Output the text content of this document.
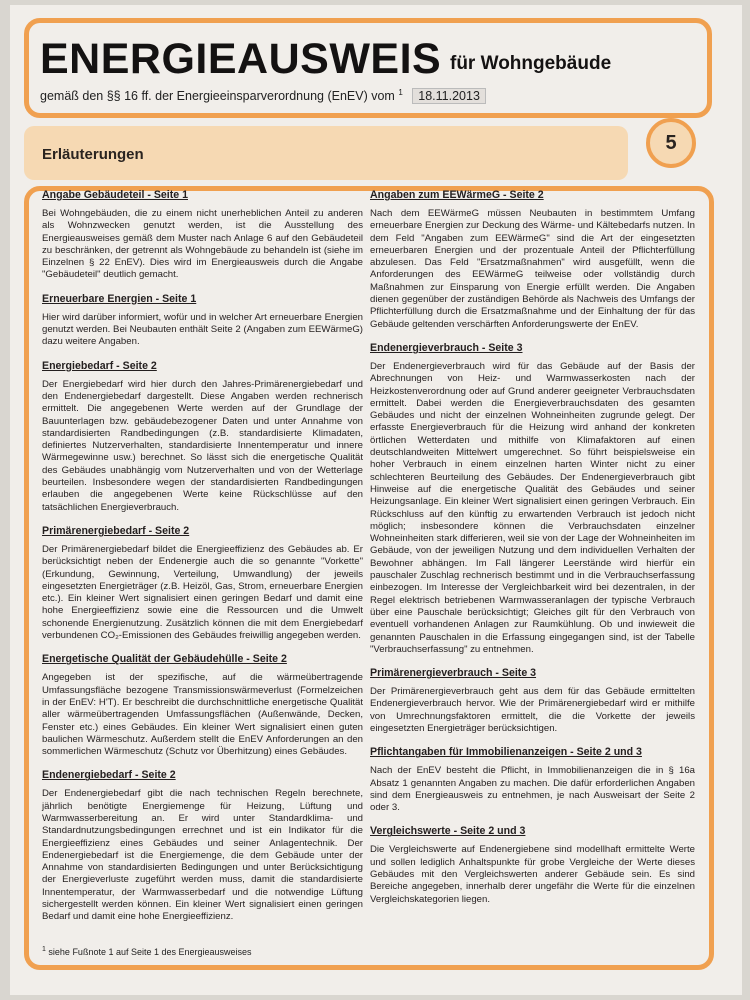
ENERGIEAUSWEIS für Wohngebäude
gemäß den §§ 16 ff. der Energieeinsparverordnung (EnEV) vom $^1$ 18.11.2013
Erläuterungen
5
Angabe Gebäudeteil - Seite 1

Bei Wohngebäuden, die zu einem nicht unerheblichen Anteil zu anderen als Wohnzwecken genutzt werden, ist die Ausstellung des Energieausweises gemäß dem Muster nach Anlage 6 auf den Gebäudeteil zu beschränken, der getrennt als Wohngebäude zu behandeln ist (siehe im Einzelnen § 22 EnEV). Dies wird im Energieausweis durch die Angabe "Gebäudeteil" deutlich gemacht.

Erneuerbare Energien - Seite 1

Hier wird darüber informiert, wofür und in welcher Art erneuerbare Energien genutzt werden. Bei Neubauten enthält Seite 2 (Angaben zum EEWärmeG) dazu weitere Angaben.

Energiebedarf - Seite 2

Der Energiebedarf wird hier durch den Jahres-Primärenergiebedarf und den Endenergiebedarf dargestellt. Diese Angaben werden rechnerisch ermittelt. Die angegebenen Werte werden auf der Grundlage der Bauunterlagen bzw. gebäudebezogener Daten und unter Annahme von standardisierten Randbedingungen (z.B. standardisierte Klimadaten, definiertes Nutzerverhalten, standardisierte Innentemperatur und innere Wärmegewinne usw.) berechnet. So lässt sich die energetische Qualität des Gebäudes unabhängig vom Nutzerverhalten und von der Wetterlage beurteilen. Insbesondere wegen der standardisierten Randbedingungen erlauben die angegebenen Werte keine Rückschlüsse auf den tatsächlichen Energieverbrauch.

Primärenergiebedarf - Seite 2

Der Primärenergiebedarf bildet die Energieeffizienz des Gebäudes ab. Er berücksichtigt neben der Endenergie auch die so genannte "Vorkette" (Erkundung, Gewinnung, Verteilung, Umwandlung) der jeweils eingesetzten Energieträger (z.B. Heizöl, Gas, Strom, erneuerbare Energien etc.). Ein kleiner Wert signalisiert einen geringen Bedarf und damit eine hohe Energieeffizienz sowie eine die Ressourcen und die Umwelt schonende Energienutzung. Zusätzlich können die mit dem Energiebedarf verbundenen CO₂-Emissionen des Gebäudes freiwillig angegeben werden.

Energetische Qualität der Gebäudehülle - Seite 2

Angegeben ist der spezifische, auf die wärmeübertragende Umfassungsfläche bezogene Transmissionswärmeverlust (Formelzeichen in der EnEV: H'T). Er beschreibt die durchschnittliche energetische Qualität aller wärmeübertragenden Umfassungsflächen (Außenwände, Decken, Fenster etc.) eines Gebäudes. Ein kleiner Wert signalisiert einen guten baulichen Wärmeschutz. Außerdem stellt die EnEV Anforderungen an den sommerlichen Wärmeschutz (Schutz vor Überhitzung) eines Gebäudes.

Endenergiebedarf - Seite 2

Der Endenergiebedarf gibt die nach technischen Regeln berechnete, jährlich benötigte Energiemenge für Heizung, Lüftung und Warmwasserbereitung an. Er wird unter Standardklima- und Standardnutzungsbedingungen errechnet und ist ein Indikator für die Energieeffizienz eines Gebäudes und seiner Anlagentechnik. Der Endenergiebedarf ist die Energiemenge, die dem Gebäude unter der Annahme von standardisierten Bedingungen und unter Berücksichtigung der Energieverluste zugeführt werden muss, damit die standardisierte Innentemperatur, der Warmwasserbedarf und die notwendige Lüftung sichergestellt werden können. Ein kleiner Wert signalisiert einen geringen Bedarf und damit eine hohe Energieeffizienz.

Angaben zum EEWärmeG - Seite 2

Nach dem EEWärmeG müssen Neubauten in bestimmtem Umfang erneuerbare Energien zur Deckung des Wärme- und Kältebedarfs nutzen. In dem Feld "Angaben zum EEWärmeG" sind die Art der eingesetzten erneuerbaren Energien und der prozentuale Anteil der Pflichterfüllung abzulesen. Das Feld "Ersatzmaßnahmen" wird ausgefüllt, wenn die Anforderungen des EEWärmeG teilweise oder vollständig durch Maßnahmen zur Einsparung von Energie erfüllt werden. Die Angaben dienen gegenüber der zuständigen Behörde als Nachweis des Umfangs der Pflichterfüllung durch die Ersatzmaßnahme und der Einhaltung der für das Gebäude geltenden verschärften Anforderungswerte der EnEV.

Endenergieverbrauch - Seite 3

Der Endenergieverbrauch wird für das Gebäude auf der Basis der Abrechnungen von Heiz- und Warmwasserkosten nach der Heizkostenverordnung oder auf Grund anderer geeigneter Verbrauchsdaten ermittelt. Dabei werden die Energieverbrauchsdaten des gesamten Gebäudes und nicht der einzelnen Wohneinheiten zugrunde gelegt. Der erfasste Energieverbrauch für die Heizung wird anhand der konkreten örtlichen Wetterdaten und mithilfe von Klimafaktoren auf einen deutschlandweiten Mittelwert umgerechnet. So führt beispielsweise ein hoher Verbrauch in einem einzelnen harten Winter nicht zu einer schlechteren Beurteilung des Gebäudes. Der Endenergieverbrauch gibt Hinweise auf die energetische Qualität des Gebäudes und seiner Heizungsanlage. Ein kleiner Wert signalisiert einen geringen Verbrauch. Ein Rückschluss auf den künftig zu erwartenden Verbrauch ist jedoch nicht möglich; insbesondere können die Verbrauchsdaten einzelner Wohneinheiten stark differieren, weil sie von der Lage der Wohneinheiten im Gebäude, von der jeweiligen Nutzung und dem individuellen Verhalten der Bewohner abhängen. Im Fall längerer Leerstände wird hierfür ein pauschaler Zuschlag rechnerisch bestimmt und in die Verbrauchserfassung einbezogen. Im Interesse der Vergleichbarkeit wird bei dezentralen, in der Regel elektrisch betriebenen Warmwasseranlagen der typische Verbrauch über eine Pauschale berücksichtigt; Gleiches gilt für den Verbrauch von eventuell vorhandenen Anlagen zur Raumkühlung. Ob und inwieweit die genannten Pauschalen in die Erfassung eingegangen sind, ist der Tabelle "Verbrauchserfassung" zu entnehmen.

Primärenergieverbrauch - Seite 3

Der Primärenergieverbrauch geht aus dem für das Gebäude ermittelten Endenergieverbrauch hervor. Wie der Primärenergiebedarf wird er mithilfe von Umrechnungsfaktoren ermittelt, die die Vorkette der jeweils eingesetzten Energieträger berücksichtigen.

Pflichtangaben für Immobilienanzeigen - Seite 2 und 3

Nach der EnEV besteht die Pflicht, in Immobilienanzeigen die in § 16a Absatz 1 genannten Angaben zu machen. Die dafür erforderlichen Angaben sind dem Energieausweis zu entnehmen, je nach Ausweisart der Seite 2 oder 3.

Vergleichswerte - Seite 2 und 3

Die Vergleichswerte auf Endenergiebene sind modellhaft ermittelte Werte und sollen lediglich Anhaltspunkte für grobe Vergleiche der Werte dieses Gebäudes mit den Vergleichswerten anderer Gebäude sein. Es sind Bereiche angegeben, innerhalb derer ungefähr die Werte für die einzelnen Vergleichskategorien liegen.

$^1$ siehe Fußnote 1 auf Seite 1 des Energieausweises
